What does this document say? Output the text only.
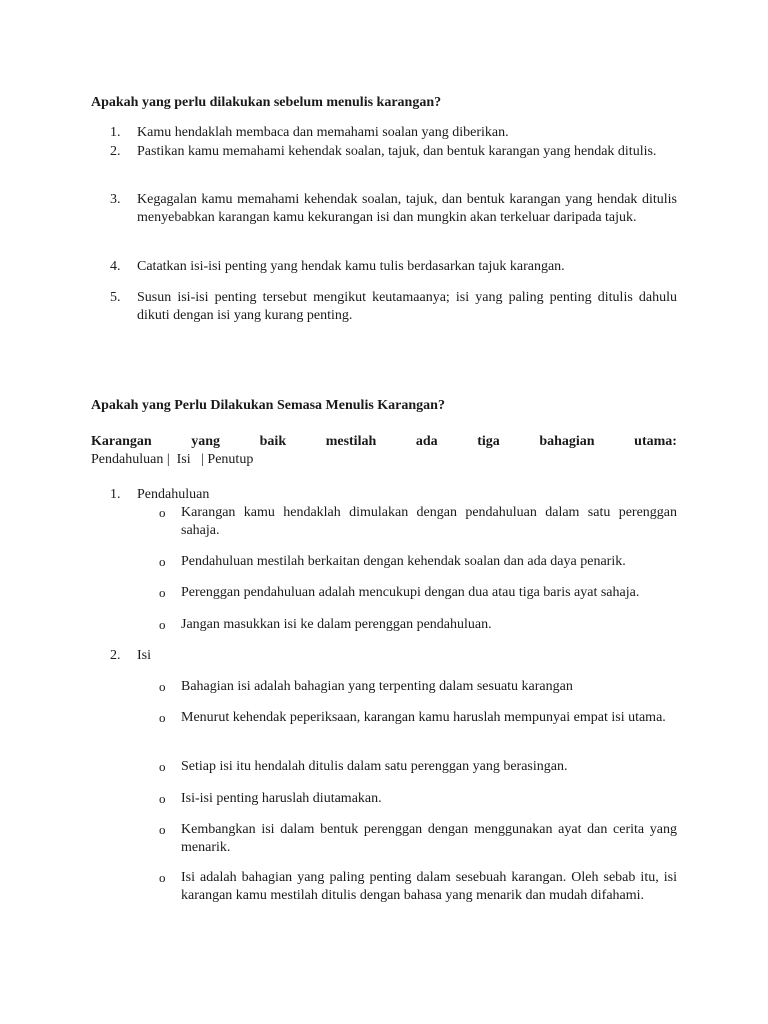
Apakah yang perlu dilakukan sebelum menulis karangan?
1.	Kamu hendaklah membaca dan memahami soalan yang diberikan.
2.	Pastikan kamu memahami kehendak soalan, tajuk, dan bentuk karangan yang hendak ditulis.
3.	Kegagalan kamu memahami kehendak soalan, tajuk, dan bentuk karangan yang hendak ditulis menyebabkan karangan kamu kekurangan isi dan mungkin akan terkeluar daripada tajuk.
4.	Catatkan isi-isi penting yang hendak kamu tulis berdasarkan tajuk karangan.
5.	Susun isi-isi penting tersebut mengikut keutamaanya; isi yang paling penting ditulis dahulu dikuti dengan isi yang kurang penting.
Apakah yang Perlu Dilakukan Semasa Menulis Karangan?
Karangan	yang	baik	mestilah	ada	tiga	bahagian	utama:
Pendahuluan |  Isi   | Penutup
1.	Pendahuluan
o	Karangan kamu hendaklah dimulakan dengan pendahuluan dalam satu perenggan sahaja.
o	Pendahuluan mestilah berkaitan dengan kehendak soalan dan ada daya penarik.
o	Perenggan pendahuluan adalah mencukupi dengan dua atau tiga baris ayat sahaja.
o	Jangan masukkan isi ke dalam perenggan pendahuluan.
2.	Isi
o	Bahagian isi adalah bahagian yang terpenting dalam sesuatu karangan
o	Menurut kehendak peperiksaan, karangan kamu haruslah mempunyai empat isi utama.
o	Setiap isi itu hendalah ditulis dalam satu perenggan yang berasingan.
o	Isi-isi penting haruslah diutamakan.
o	Kembangkan isi dalam bentuk perenggan dengan menggunakan ayat dan cerita yang menarik.
o	Isi adalah bahagian yang paling penting dalam sesebuah karangan. Oleh sebab itu, isi karangan kamu mestilah ditulis dengan bahasa yang menarik dan mudah difahami.
